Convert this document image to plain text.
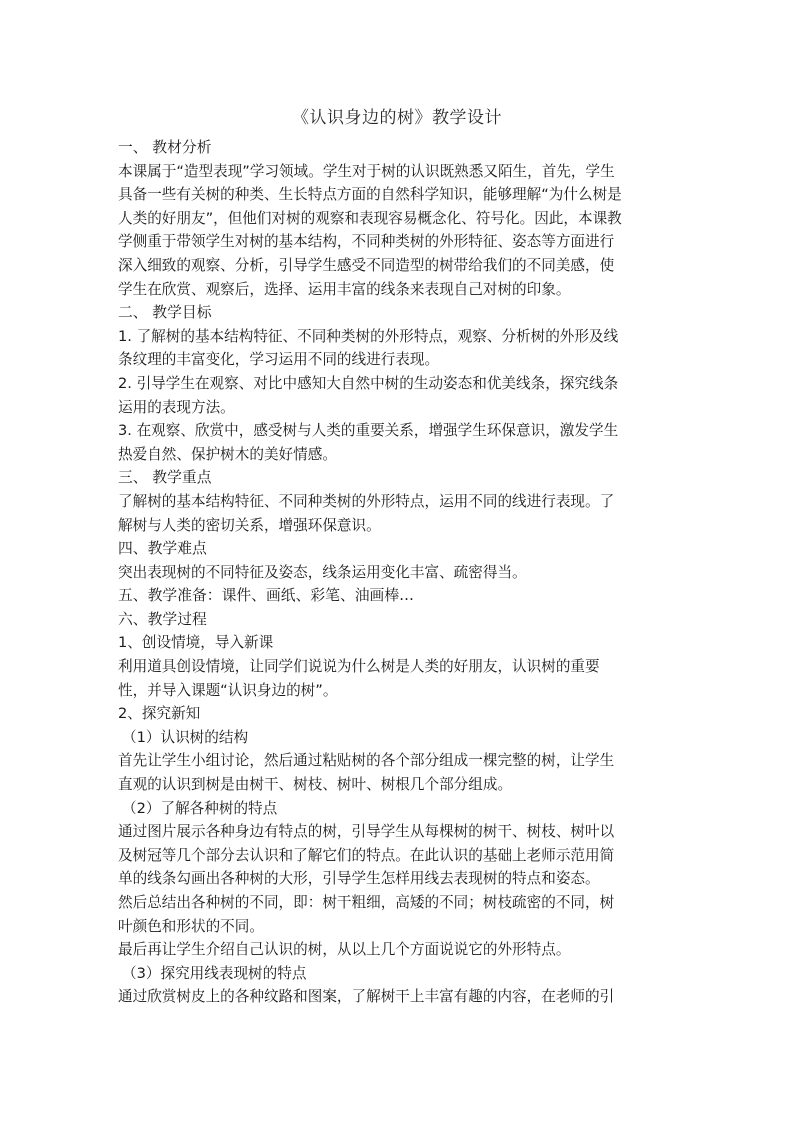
《认识身边的树》教学设计
一、 教材分析
本课属于“造型表现”学习领域。学生对于树的认识既熟悉又陌生，首先，学生
具备一些有关树的种类、生长特点方面的自然科学知识，能够理解“为什么树是
人类的好朋友”，但他们对树的观察和表现容易概念化、符号化。因此，本课教
学侧重于带领学生对树的基本结构，不同种类树的外形特征、姿态等方面进行
深入细致的观察、分析，引导学生感受不同造型的树带给我们的不同美感，使
学生在欣赏、观察后，选择、运用丰富的线条来表现自己对树的印象。
二、 教学目标
1. 了解树的基本结构特征、不同种类树的外形特点，观察、分析树的外形及线
条纹理的丰富变化，学习运用不同的线进行表现。
2. 引导学生在观察、对比中感知大自然中树的生动姿态和优美线条，探究线条
运用的表现方法。
3. 在观察、欣赏中，感受树与人类的重要关系，增强学生环保意识，激发学生
热爱自然、保护树木的美好情感。
三、 教学重点
了解树的基本结构特征、不同种类树的外形特点，运用不同的线进行表现。了
解树与人类的密切关系，增强环保意识。
四、教学难点
突出表现树的不同特征及姿态，线条运用变化丰富、疏密得当。
五、教学准备：课件、画纸、彩笔、油画棒…
六、教学过程
1、创设情境，导入新课
利用道具创设情境，让同学们说说为什么树是人类的好朋友，认识树的重要
性，并导入课题“认识身边的树”。
2、探究新知
（1）认识树的结构
首先让学生小组讨论，然后通过粘贴树的各个部分组成一棵完整的树，让学生
直观的认识到树是由树干、树枝、树叶、树根几个部分组成。
（2）了解各种树的特点
通过图片展示各种身边有特点的树，引导学生从每棵树的树干、树枝、树叶以
及树冠等几个部分去认识和了解它们的特点。在此认识的基础上老师示范用简
单的线条勾画出各种树的大形，引导学生怎样用线去表现树的特点和姿态。
然后总结出各种树的不同，即：树干粗细，高矮的不同；树枝疏密的不同，树
叶颜色和形状的不同。
最后再让学生介绍自己认识的树，从以上几个方面说说它的外形特点。
（3）探究用线表现树的特点
通过欣赏树皮上的各种纹路和图案，了解树干上丰富有趣的内容，在老师的引
